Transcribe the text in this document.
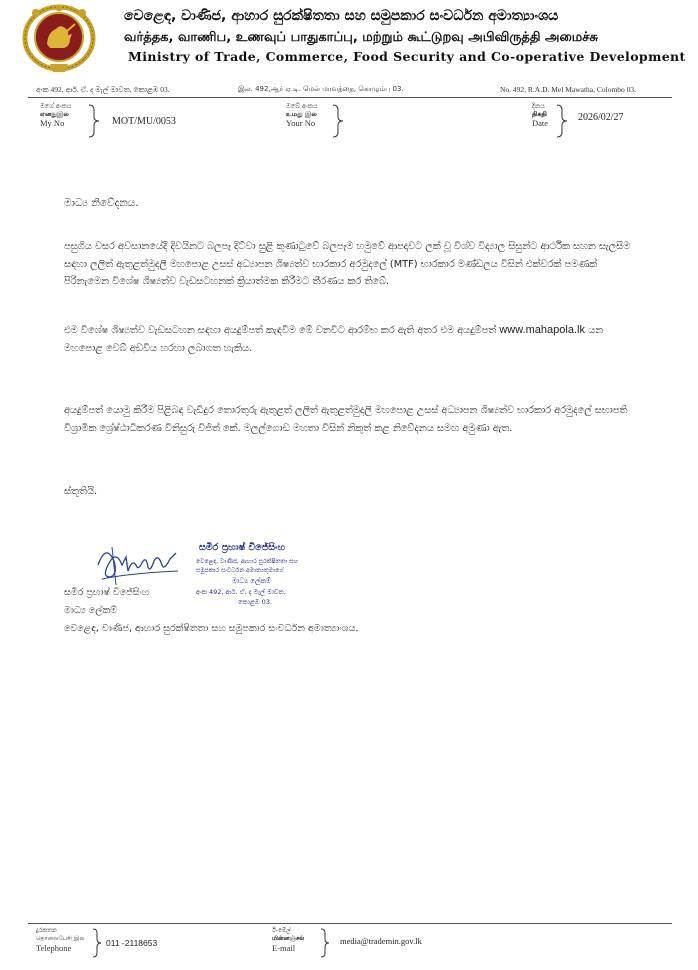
වෙළෙඳ, වාණිජ, ආහාර සුරක්ෂිතතා සහ සමුපකාර සංවර්ධන අමාත්‍යාංශය
வர்த்தக, வாணிப, உணவுப் பாதுகாப்பு, மற்றும் கூட்டுறவு அபிவிருத்தி அமைச்சு
Ministry of Trade, Commerce, Food Security and Co-operative Development
අංක 492, ආර්. ඒ. ද මැල් මාවත, කොළඹ 03.	இல. 492,ஆர் ஏ.டி. மெல் மாவத்தை, கொழும்பு 03.	No. 492, R.A.D. Mel Mawatha, Colombo 03.
මගේ අංකය
எனதுஇல
My No	MOT/MU/0053
ඔබේ අංකය
உமது இல
Your No
දිනය
திகதி
Date	2026/02/27
මාධ්‍ය නිවේදනය.
පසුගිය වසර අවසානයේදී දිවයිනට බලපෑ දිට්වා සුළි කුණාටුවේ බලපෑම හමුවේ ආපදාවට ලක් වූ විශ්ව විද්‍යාල සිසුන්ට ආර්ථික සහන සැලසීම සඳහා ලලිත් ඇතුළත්මුදලි මහපොළ උසස් අධ්‍යාපන ශිෂ්‍යත්ව භාරකාර අරමුදලේ (MTF) භාරකාර මණ්ඩලය විසින් එක්වරක් පමණක් පිරිනැමෙන විශේෂ ශිෂ්‍යත්ව වැඩසටහනක් ක්‍රියාත්මක කිරීමට තීරණය කර තිබේ.
එම විශේෂ ශිෂ්‍යත්ව වැඩසටහන සඳහා අයදුම්පත් කැඳවීම මේ වනවිට ආරම්භ කර ඇති අතර එම අයදුම්පත් www.mahapola.lk යන මහපොළ වෙබ් අඩවිය හරහා ලබාගත හැකිය.
අයදුම්පත් යොමු කිරීම පිළිබඳ වැඩිදුර තොරතුරු ඇතුළත් ලලිත් ඇතුළත්මුදලි මහපොළ උසස් අධ්‍යාපන ශිෂ්‍යත්ව භාරකාර අරමුදලේ සභාපති විශ්‍රාමික ශ්‍රේෂ්ඨාධිකරණ විනිසුරු විජිත් කේ. මලල්ගොඩ මහතා විසින් නිකුත් කළ නිවේදනය සමඟ අමුණා ඇත.
ස්තූතියි.
සමීර ප්‍රභාෂ් විජේසිංහ
වෙළෙඳ, වාණිජ, ආහාර සුරක්ෂිතතා සහ
සමුපකාර සංවර්ධන අමාත්‍යතුමාගේ
මාධ්‍ය ලේකම්
අංක 492, ආර්. ඒ. ද මැල් මාවත,
කොළඹ 03.
සමීර ප්‍රභාෂ් විජේසිංහ
මාධ්‍ය ලේකම්
වෙළෙඳ, වාණිජ, ආහාර සුරක්ෂිතතා සහ සමුපකාර සංවර්ධන අමාත්‍යාංශය.
දුරකතන
தொலைபேசி இல
Telephone	011 -2118653
ඊ-මේල්
மின்னஞ்சல்
E-mail
media@trademin.gov.lk
